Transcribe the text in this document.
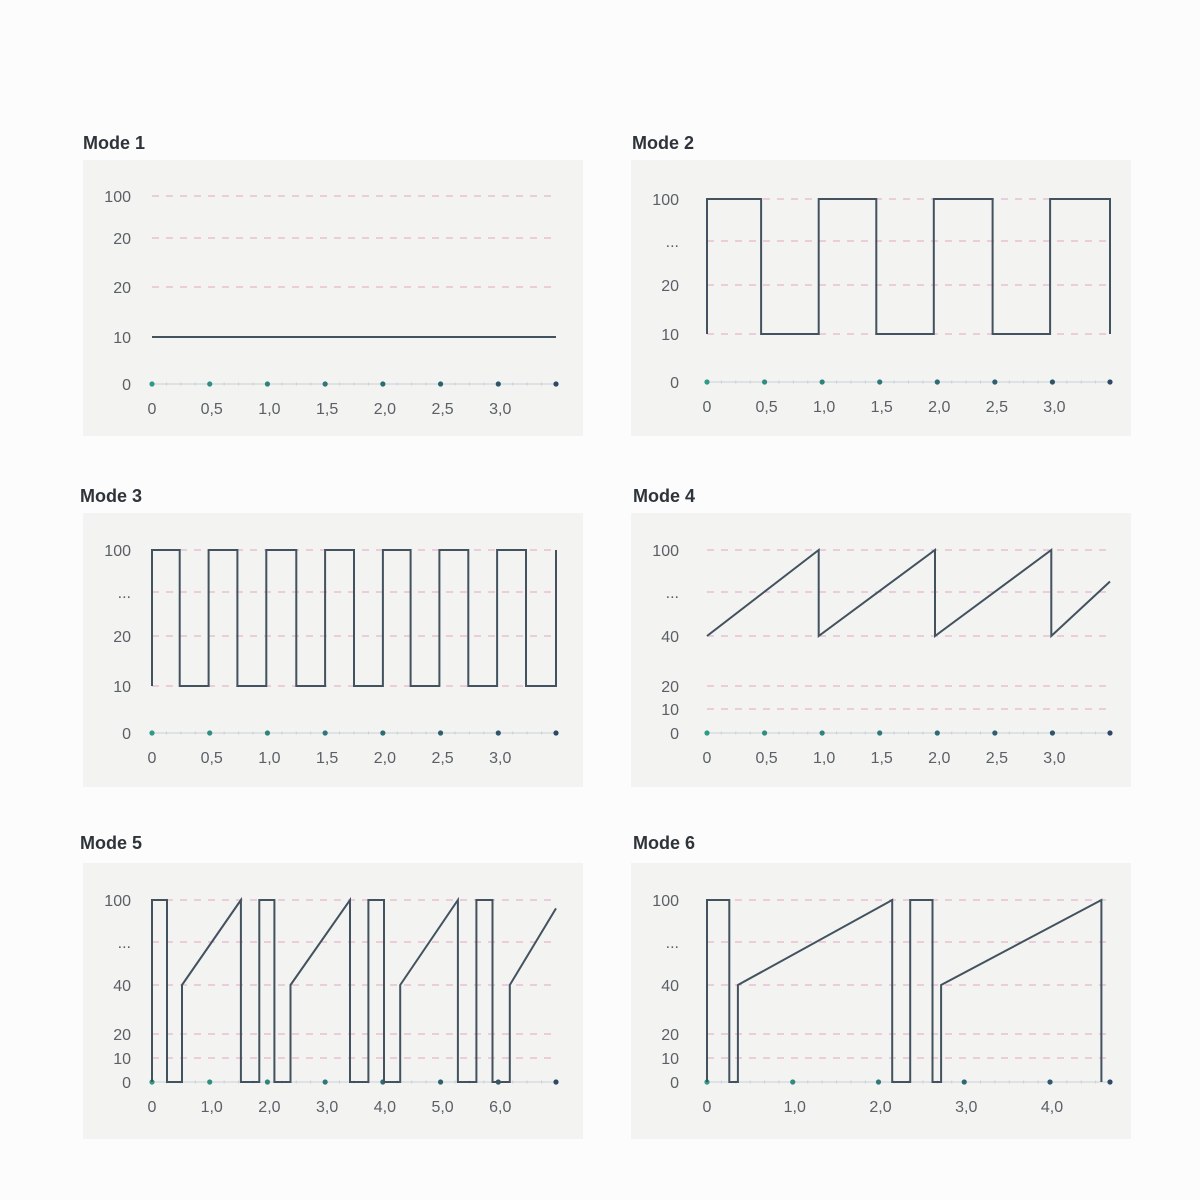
Mode 1
0
10
20
20
100
0	0,5 1,0 1,5 2,0 2,5 3,0
Mode 2
0
10
20
...
100
0	0,5 1,0 1,5 2,0 2,5 3,0
Mode 3
0
10
20
...
100
0	0,5 1,0 1,5 2,0 2,5 3,0
Mode 4
0
10
20
40
...
100
0	0,5 1,0 1,5 2,0 2,5 3,0
Mode 5
0
10
20
40
...
100
0	1,0 2,0 3,0 4,0 5,0 6,0
Mode 6
0
10
20
40
...
100
0	1,0	2,0	3,0	4,0
